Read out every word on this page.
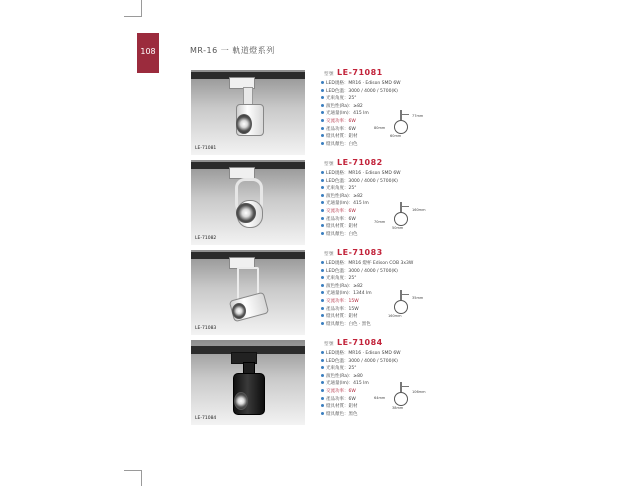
108	MR-16 一 軌道燈系列
LE-71081
型號 LE-71081
LED規格：MR16 · Edison SMD 6W
LED色溫：3000 / 4000 / 5700(K)
光束角度：25°
演色性(Ra)：≥82
光通量(lm)：415 lm
交流功率：6W
產品功率：6W
燈具材質：鋁材
燈具顏色：白色
77mm
80mm
60mm
LE-71082
型號 LE-71082
LED規格：MR16 · Edison SMD 6W
LED色溫：3000 / 4000 / 5700(K)
光束角度：25°
演色性(Ra)：≥82
光通量(lm)：415 lm
交流功率：6W
產品功率：6W
燈具材質：鋁材
燈具顏色：白色
160mm
70mm
50mm
LE-71083
型號 LE-71083
LED規格：MR16 燈杯 Edison COB 3x3W
LED色溫：3000 / 4000 / 5700(K)
光束角度：25°
演色性(Ra)：≥82
光通量(lm)：1344 lm
交流功率：15W
產品功率：15W
燈具材質：鋁材
燈具顏色：白色 · 黑色
35mm
160mm
LE-71084
型號 LE-71084
LED規格：MR16 · Edison SMD 6W
LED色溫：3000 / 4000 / 5700(K)
光束角度：25°
演色性(Ra)：≥80
光通量(lm)：415 lm
交流功率：6W
產品功率：6W
燈具材質：鋁材
燈具顏色：黑色
64mm
38mm
106mm
